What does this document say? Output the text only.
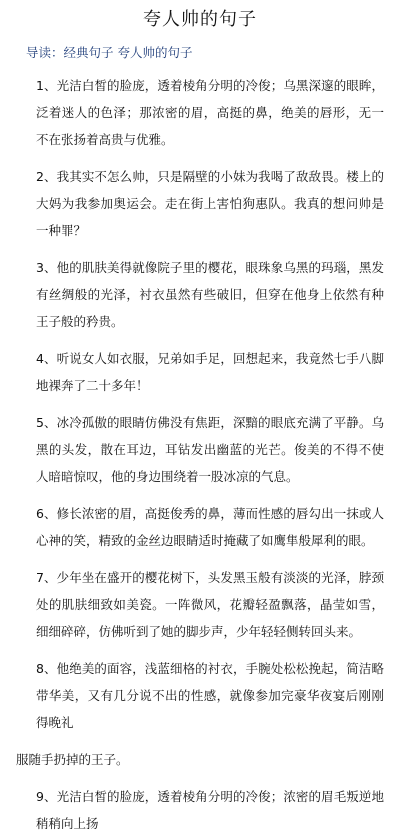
夸人帅的句子
导读：经典句子 夸人帅的句子

1、光洁白皙的脸庞，透着棱角分明的冷俊；乌黑深邃的眼眸，泛着迷人的色泽；那浓密的眉，高挺的鼻，绝美的唇形，无一不在张扬着高贵与优雅。

2、我其实不怎么帅，只是隔壁的小妹为我喝了敌敌畏。楼上的大妈为我参加奥运会。走在街上害怕狗惠队。我真的想问帅是一种罪？

3、他的肌肤美得就像院子里的樱花，眼珠象乌黑的玛瑙，黑发有丝绸般的光泽，衬衣虽然有些破旧，但穿在他身上依然有种王子般的矜贵。

4、听说女人如衣服，兄弟如手足，回想起来，我竟然七手八脚地裸奔了二十多年！

5、冰冷孤傲的眼睛仿佛没有焦距，深黯的眼底充满了平静。乌黑的头发，散在耳边，耳钻发出幽蓝的光芒。俊美的不得不使人暗暗惊叹，他的身边围绕着一股冰凉的气息。

6、修长浓密的眉，高挺俊秀的鼻，薄而性感的唇勾出一抹或人心神的笑，精致的金丝边眼睛适时掩藏了如鹰隼般犀利的眼。

7、少年坐在盛开的樱花树下，头发黑玉般有淡淡的光泽，脖颈处的肌肤细致如美瓷。一阵微风，花瓣轻盈飘落，晶莹如雪，细细碎碎，仿佛听到了她的脚步声，少年轻轻侧转回头来。

8、他绝美的面容，浅蓝细格的衬衣，手腕处松松挽起，简洁略带华美，又有几分说不出的性感，就像参加完豪华夜宴后刚刚得晚礼

服随手扔掉的王子。

9、光洁白皙的脸庞，透着棱角分明的冷俊；浓密的眉毛叛逆地稍稍向上扬
